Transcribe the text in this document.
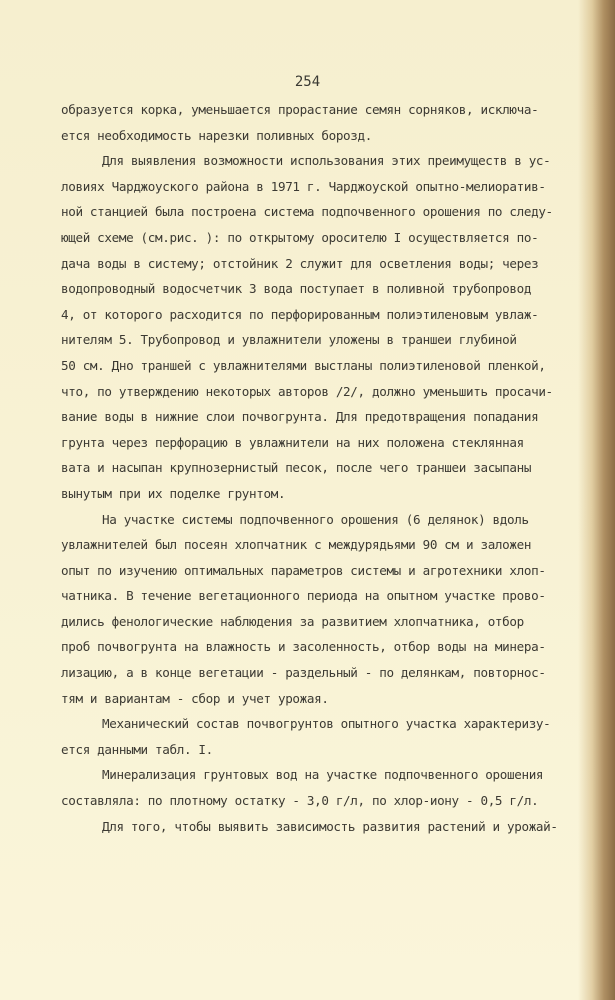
254
образуется корка, уменьшается прорастание семян сорняков, исключа-
ется необходимость нарезки поливных борозд.
Для выявления возможности использования этих преимуществ в ус-
ловиях Чарджоуского района в 1971 г. Чарджоуской опытно-мелиоратив-
ной станцией была построена система подпочвенного орошения по следу-
ющей схеме (см.рис. ): по открытому оросителю I осуществляется по-
дача воды в систему; отстойник 2 служит для осветления воды; через
водопроводный водосчетчик 3 вода поступает в поливной трубопровод
4, от которого расходится по перфорированным полиэтиленовым увлаж-
нителям 5. Трубопровод и увлажнители уложены в траншеи глубиной
50 см. Дно траншей с увлажнителями выстланы полиэтиленовой пленкой,
что, по утверждению некоторых авторов /2/, должно уменьшить просачи-
вание воды в нижние слои почвогрунта. Для предотвращения попадания
грунта через перфорацию в увлажнители на них положена стеклянная
вата и насыпан крупнозернистый песок, после чего траншеи засыпаны
вынутым при их поделке грунтом.
На участке системы подпочвенного орошения (6 делянок) вдоль
увлажнителей был посеян хлопчатник с междурядьями 90 см и заложен
опыт по изучению оптимальных параметров системы и агротехники хлоп-
чатника. В течение вегетационного периода на опытном участке прово-
дились фенологические наблюдения за развитием хлопчатника, отбор
проб почвогрунта на влажность и засоленность, отбор воды на минера-
лизацию, а в конце вегетации - раздельный - по делянкам, повторнос-
тям и вариантам - сбор и учет урожая.
Механический состав почвогрунтов опытного участка характеризу-
ется данными табл. I.
Минерализация грунтовых вод на участке подпочвенного орошения
составляла: по плотному остатку - 3,0 г/л, по хлор-иону - 0,5 г/л.
Для того, чтобы выявить зависимость развития растений и урожай-
